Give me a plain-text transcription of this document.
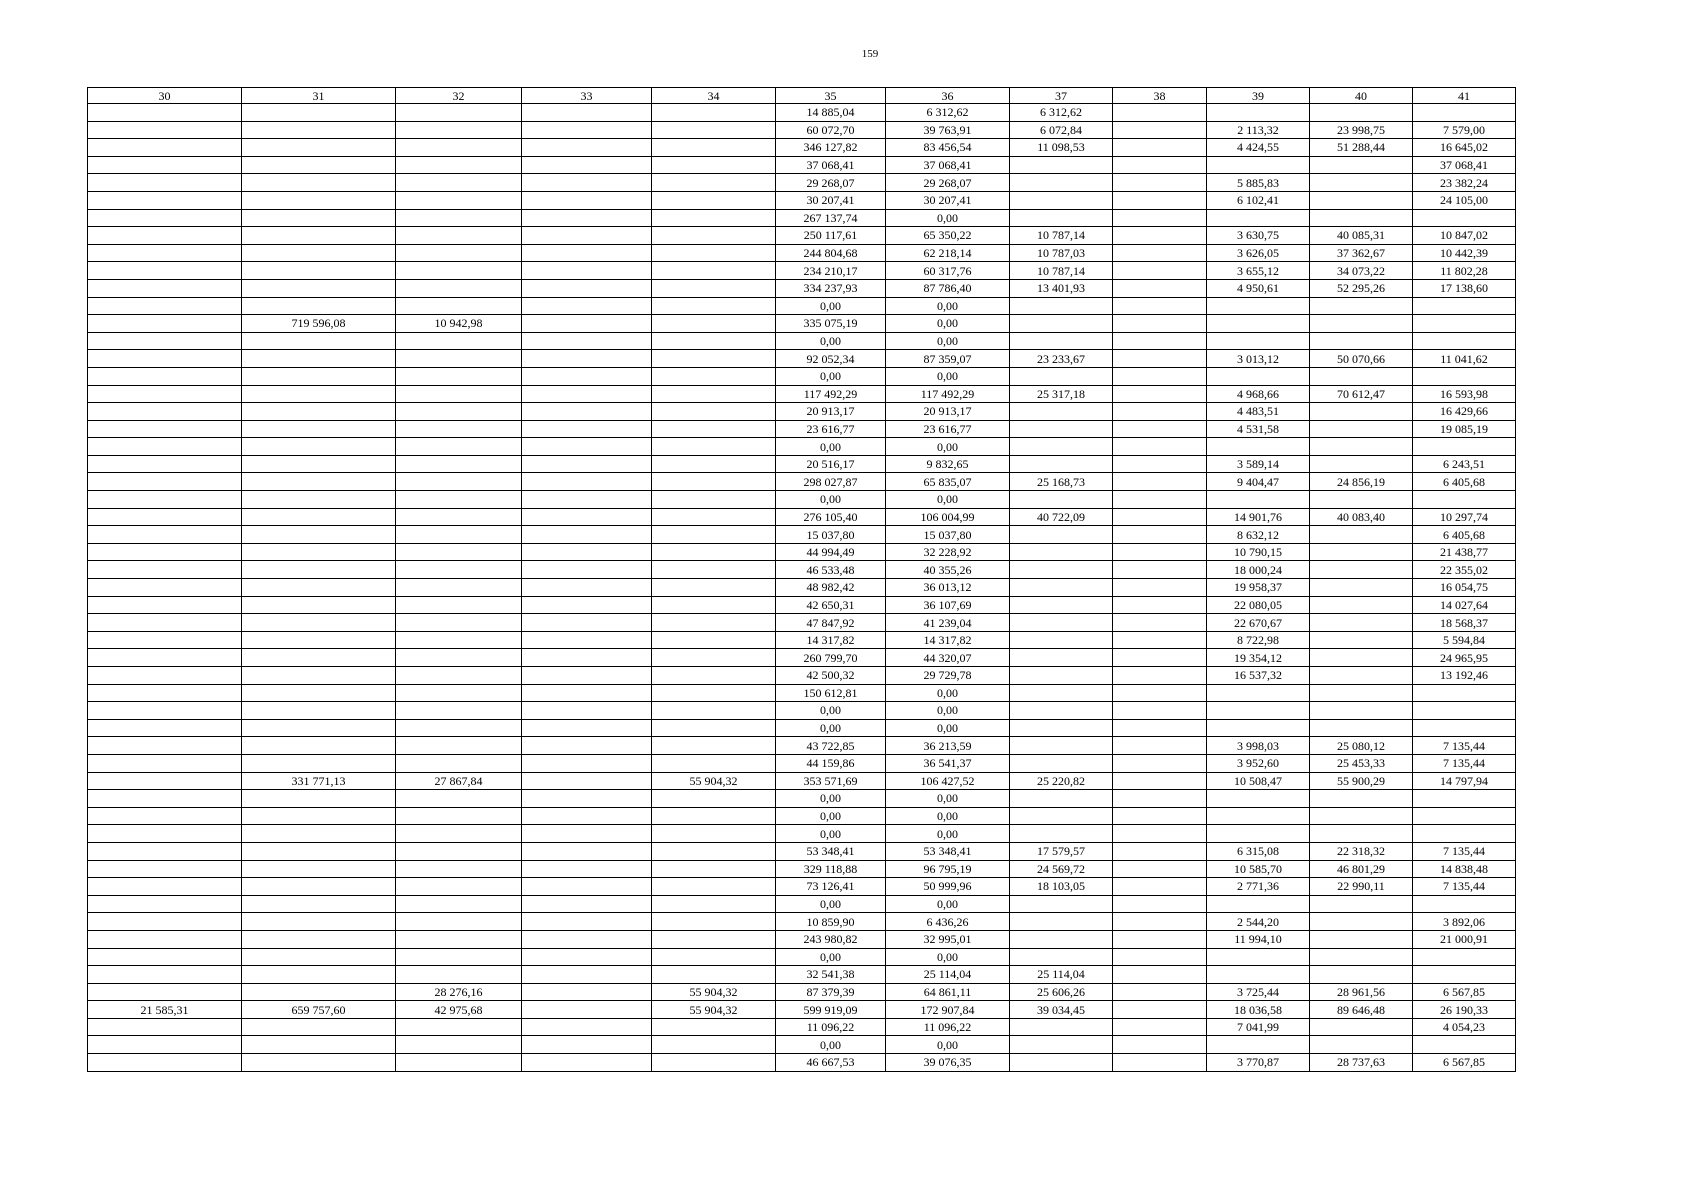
159
30	31	32	33	34	35	36	37	38	39	40	41
					14 885,04	6 312,62	6 312,62				
					60 072,70	39 763,91	6 072,84		2 113,32	23 998,75	7 579,00
					346 127,82	83 456,54	11 098,53		4 424,55	51 288,44	16 645,02
					37 068,41	37 068,41					37 068,41
					29 268,07	29 268,07			5 885,83		23 382,24
					30 207,41	30 207,41			6 102,41		24 105,00
					267 137,74	0,00					
					250 117,61	65 350,22	10 787,14		3 630,75	40 085,31	10 847,02
					244 804,68	62 218,14	10 787,03		3 626,05	37 362,67	10 442,39
					234 210,17	60 317,76	10 787,14		3 655,12	34 073,22	11 802,28
					334 237,93	87 786,40	13 401,93		4 950,61	52 295,26	17 138,60
					0,00	0,00					
	719 596,08	10 942,98			335 075,19	0,00					
					0,00	0,00					
					92 052,34	87 359,07	23 233,67		3 013,12	50 070,66	11 041,62
					0,00	0,00					
					117 492,29	117 492,29	25 317,18		4 968,66	70 612,47	16 593,98
					20 913,17	20 913,17			4 483,51		16 429,66
					23 616,77	23 616,77			4 531,58		19 085,19
					0,00	0,00					
					20 516,17	9 832,65			3 589,14		6 243,51
					298 027,87	65 835,07	25 168,73		9 404,47	24 856,19	6 405,68
					0,00	0,00					
					276 105,40	106 004,99	40 722,09		14 901,76	40 083,40	10 297,74
					15 037,80	15 037,80			8 632,12		6 405,68
					44 994,49	32 228,92			10 790,15		21 438,77
					46 533,48	40 355,26			18 000,24		22 355,02
					48 982,42	36 013,12			19 958,37		16 054,75
					42 650,31	36 107,69			22 080,05		14 027,64
					47 847,92	41 239,04			22 670,67		18 568,37
					14 317,82	14 317,82			8 722,98		5 594,84
					260 799,70	44 320,07			19 354,12		24 965,95
					42 500,32	29 729,78			16 537,32		13 192,46
					150 612,81	0,00					
					0,00	0,00					
					0,00	0,00					
					43 722,85	36 213,59			3 998,03	25 080,12	7 135,44
					44 159,86	36 541,37			3 952,60	25 453,33	7 135,44
	331 771,13	27 867,84		55 904,32	353 571,69	106 427,52	25 220,82		10 508,47	55 900,29	14 797,94
					0,00	0,00					
					0,00	0,00					
					0,00	0,00					
					53 348,41	53 348,41	17 579,57		6 315,08	22 318,32	7 135,44
					329 118,88	96 795,19	24 569,72		10 585,70	46 801,29	14 838,48
					73 126,41	50 999,96	18 103,05		2 771,36	22 990,11	7 135,44
					0,00	0,00					
					10 859,90	6 436,26			2 544,20		3 892,06
					243 980,82	32 995,01			11 994,10		21 000,91
					0,00	0,00					
					32 541,38	25 114,04	25 114,04				
		28 276,16		55 904,32	87 379,39	64 861,11	25 606,26		3 725,44	28 961,56	6 567,85
21 585,31	659 757,60	42 975,68		55 904,32	599 919,09	172 907,84	39 034,45		18 036,58	89 646,48	26 190,33
					11 096,22	11 096,22			7 041,99		4 054,23
					0,00	0,00					
					46 667,53	39 076,35			3 770,87	28 737,63	6 567,85
